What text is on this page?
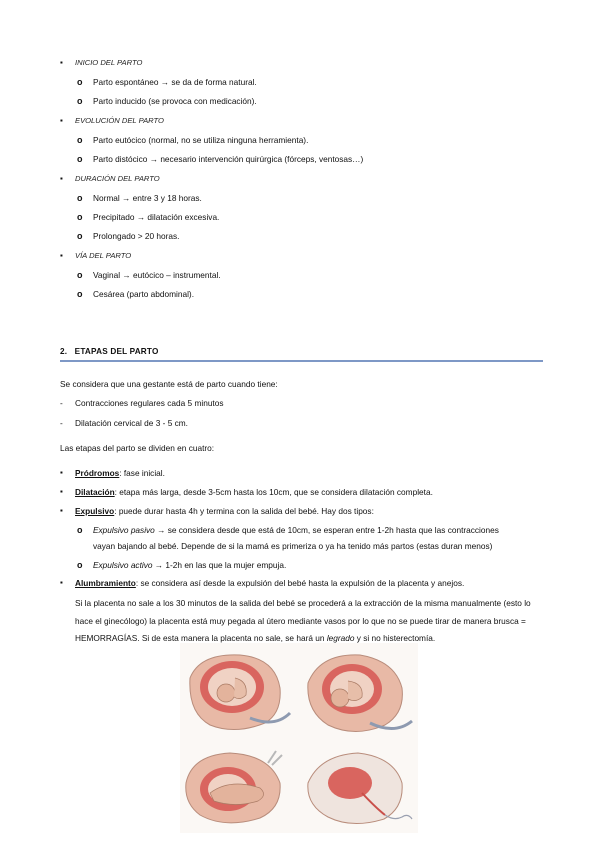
▪ INICIO DEL PARTO
o Parto espontáneo → se da de forma natural.
o Parto inducido (se provoca con medicación).
▪ EVOLUCIÓN DEL PARTO
o Parto eutócico (normal, no se utiliza ninguna herramienta).
o Parto distócico → necesario intervención quirúrgica (fórceps, ventosas…)
▪ DURACIÓN DEL PARTO
o Normal → entre 3 y 18 horas.
o Precipitado → dilatación excesiva.
o Prolongado > 20 horas.
▪ VÍA DEL PARTO
o Vaginal → eutócico – instrumental.
o Cesárea (parto abdominal).
2. ETAPAS DEL PARTO
Se considera que una gestante está de parto cuando tiene:
- Contracciones regulares cada 5 minutos
- Dilatación cervical de 3 - 5 cm.
Las etapas del parto se dividen en cuatro:
▪ Pródromos: fase inicial.
▪ Dilatación: etapa más larga, desde 3-5cm hasta los 10cm, que se considera dilatación completa.
▪ Expulsivo: puede durar hasta 4h y termina con la salida del bebé. Hay dos tipos:
o Expulsivo pasivo → se considera desde que está de 10cm, se esperan entre 1-2h hasta que las contracciones
vayan bajando al bebé. Depende de si la mamá es primeriza o ya ha tenido más partos (estas duran menos)
o Expulsivo activo → 1-2h en las que la mujer empuja.
▪ Alumbramiento: se considera así desde la expulsión del bebé hasta la expulsión de la placenta y anejos.
Si la placenta no sale a los 30 minutos de la salida del bebé se procederá a la extracción de la misma manualmente (esto lo hace el ginecólogo) la placenta está muy pegada al útero mediante vasos por lo que no se puede tirar de manera brusca = HEMORRAGÍAS. Si de esta manera la placenta no sale, se hará un legrado y si no histerectomía.
